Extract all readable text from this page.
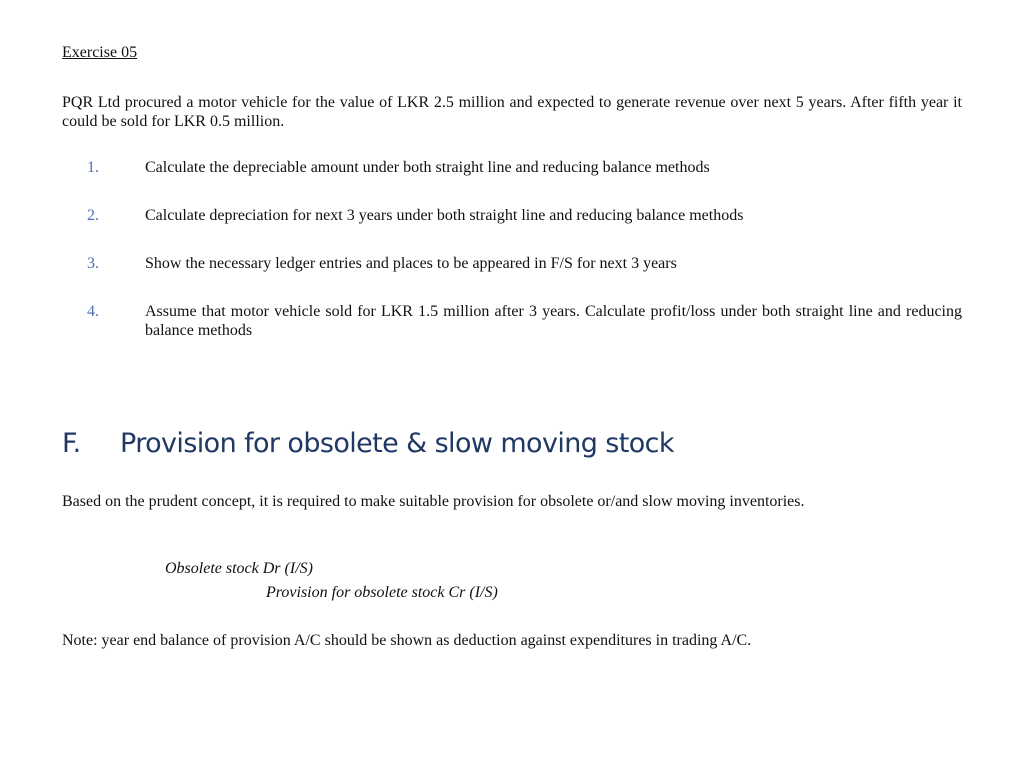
Exercise 05
PQR Ltd procured a motor vehicle for the value of LKR 2.5 million and expected to generate revenue over next 5 years. After fifth year it could be sold for LKR 0.5 million.
1.	Calculate the depreciable amount under both straight line and reducing balance methods
2.	Calculate depreciation for next 3 years under both straight line and reducing balance methods
3.	Show the necessary ledger entries and places to be appeared in F/S for next 3 years
4.	Assume that motor vehicle sold for LKR 1.5 million after 3 years. Calculate profit/loss under both straight line and reducing balance methods
F. Provision for obsolete & slow moving stock
Based on the prudent concept, it is required to make suitable provision for obsolete or/and slow moving inventories.
Obsolete stock Dr (I/S)
Provision for obsolete stock Cr (I/S)
Note: year end balance of provision A/C should be shown as deduction against expenditures in trading A/C.
